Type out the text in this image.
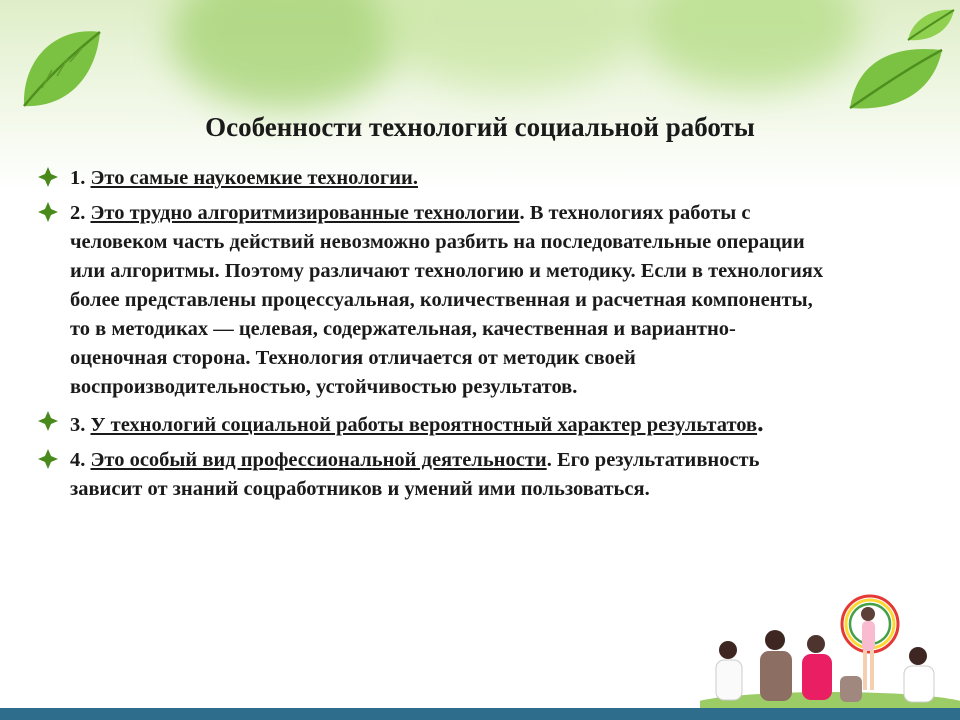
Особенности технологий социальной работы
1. Это самые наукоемкие технологии.
2. Это трудно алгоритмизированные технологии. В технологиях работы с человеком часть действий невозможно разбить на последовательные операции или алгоритмы. Поэтому различают технологию и методику. Если в технологиях более представлены процессуальная, количественная и расчетная компоненты, то в методиках — целевая, содержательная, качественная и вариантно-оценочная сторона. Технология отличается от методик своей воспроизводительностью, устойчивостью результатов.
3. У технологий социальной работы вероятностный характер результатов.
4. Это особый вид профессиональной деятельности. Его результативность зависит от знаний соцработников и умений ими пользоваться.
